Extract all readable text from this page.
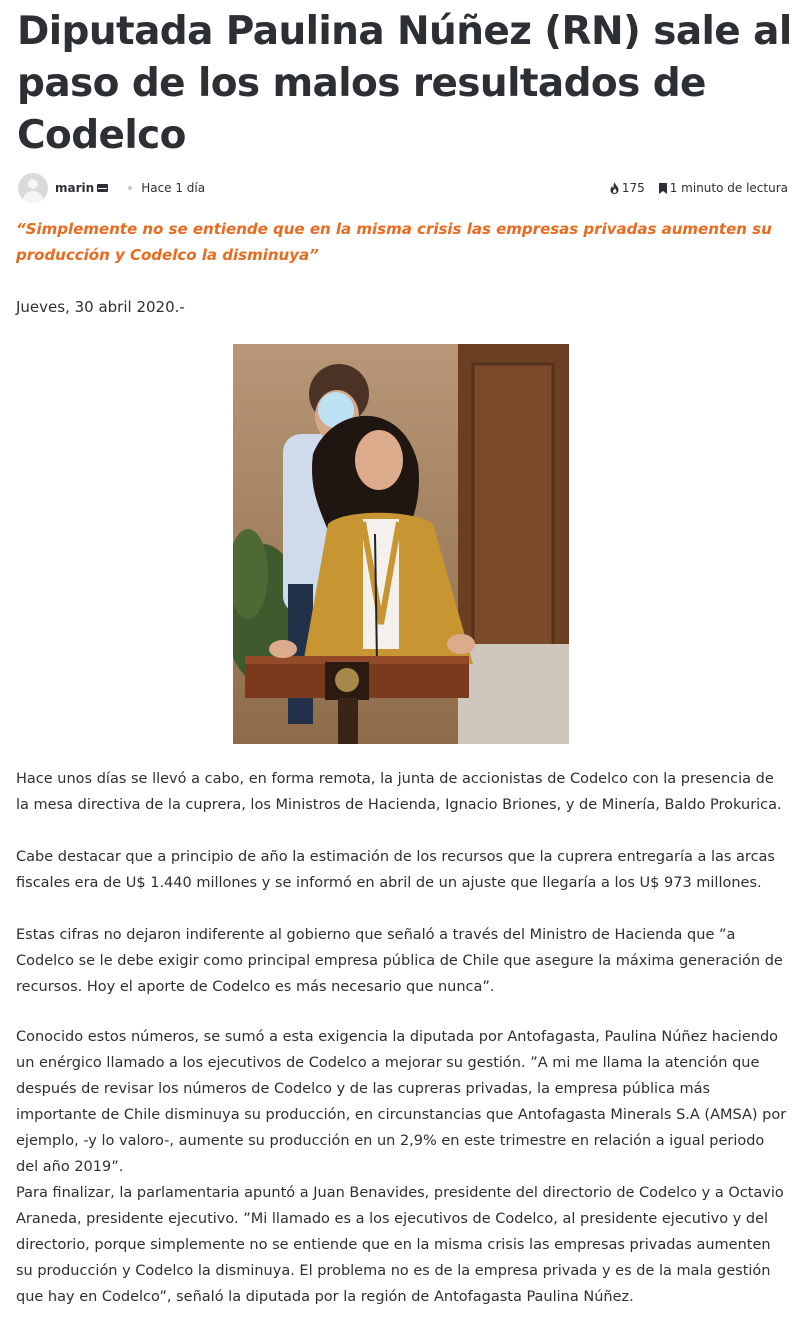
Diputada Paulina Núñez (RN) sale al paso de los malos resultados de Codelco
marin	Hace 1 día	175 1 minuto de lectura

“Simplemente no se entiende que en la misma crisis las empresas privadas aumenten su producción y Codelco la disminuya”

Jueves, 30 abril 2020.-

Hace unos días se llevó a cabo, en forma remota, la junta de accionistas de Codelco con la presencia de la mesa directiva de la cuprera, los Ministros de Hacienda, Ignacio Briones, y de Minería, Baldo Prokurica.

Cabe destacar que a principio de año la estimación de los recursos que la cuprera entregaría a las arcas fiscales era de U$ 1.440 millones y se informó en abril de un ajuste que llegaría a los U$ 973 millones.

Estas cifras no dejaron indiferente al gobierno que señaló a través del Ministro de Hacienda que ”a Codelco se le debe exigir como principal empresa pública de Chile que asegure la máxima generación de recursos. Hoy el aporte de Codelco es más necesario que nunca”.

Conocido estos números, se sumó a esta exigencia la diputada por Antofagasta, Paulina Núñez haciendo un enérgico llamado a los ejecutivos de Codelco a mejorar su gestión. ”A mi me llama la atención que después de revisar los números de Codelco y de las cupreras privadas, la empresa pública más importante de Chile disminuya su producción, en circunstancias que Antofagasta Minerals S.A (AMSA) por ejemplo, -y lo valoro-, aumente su producción en un 2,9% en este trimestre en relación a igual periodo del año 2019”.

Para finalizar, la parlamentaria apuntó a Juan Benavides, presidente del directorio de Codelco y a Octavio Araneda, presidente ejecutivo. ”Mi llamado es a los ejecutivos de Codelco, al presidente ejecutivo y del directorio, porque simplemente no se entiende que en la misma crisis las empresas privadas aumenten su producción y Codelco la disminuya. El problema no es de la empresa privada y es de la mala gestión que hay en Codelco”, señaló la diputada por la región de Antofagasta Paulina Núñez.
